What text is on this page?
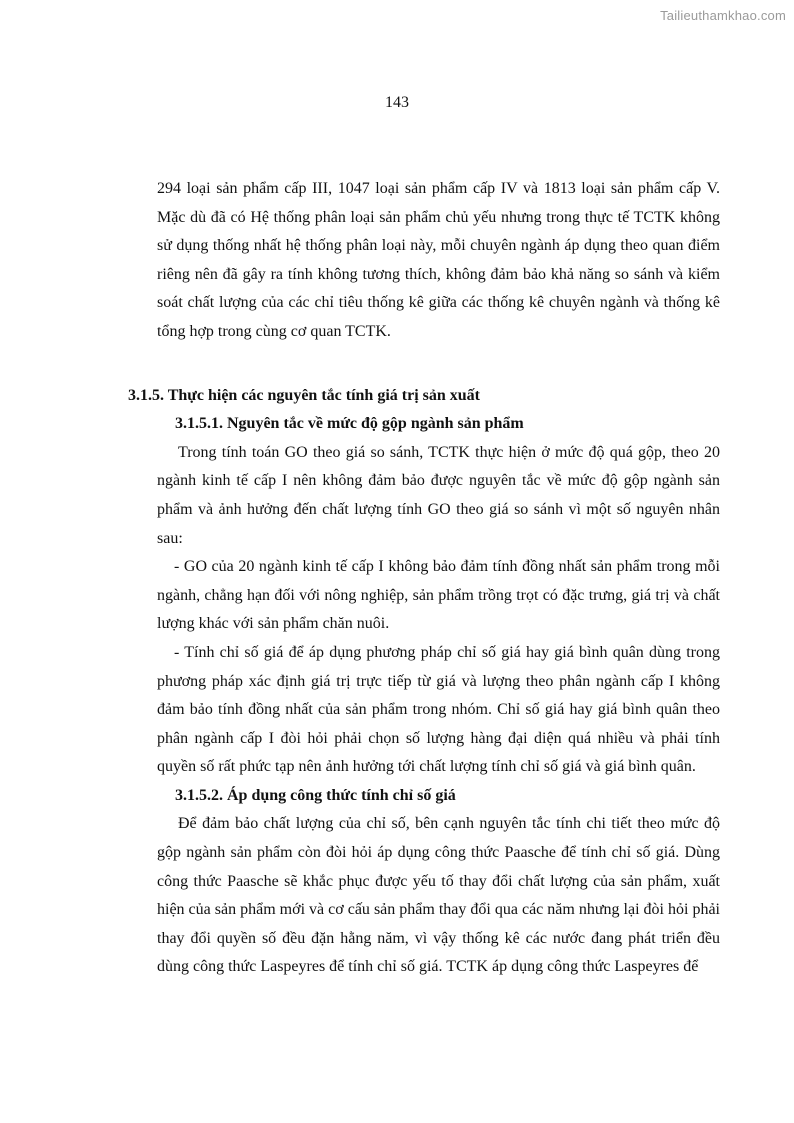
Tailieuthamkhao.com
143

294 loại sản phẩm cấp III, 1047 loại sản phẩm cấp IV và 1813 loại sản phẩm cấp V. Mặc dù đã có Hệ thống phân loại sản phẩm chủ yếu nhưng trong thực tế TCTK không sử dụng thống nhất hệ thống phân loại này, mỗi chuyên ngành áp dụng theo quan điểm riêng nên đã gây ra tính không tương thích, không đảm bảo khả năng so sánh và kiểm soát chất lượng của các chỉ tiêu thống kê giữa các thống kê chuyên ngành và thống kê tổng hợp trong cùng cơ quan TCTK.

3.1.5. Thực hiện các nguyên tắc tính giá trị sản xuất

3.1.5.1. Nguyên tắc về mức độ gộp ngành sản phẩm

Trong tính toán GO theo giá so sánh, TCTK thực hiện ở mức độ quá gộp, theo 20 ngành kinh tế cấp I nên không đảm bảo được nguyên tắc về mức độ gộp ngành sản phẩm và ảnh hưởng đến chất lượng tính GO theo giá so sánh vì một số nguyên nhân sau:

- GO của 20 ngành kinh tế cấp I không bảo đảm tính đồng nhất sản phẩm trong mỗi ngành, chẳng hạn đối với nông nghiệp, sản phẩm trồng trọt có đặc trưng, giá trị và chất lượng khác với sản phẩm chăn nuôi.

- Tính chỉ số giá để áp dụng phương pháp chỉ số giá hay giá bình quân dùng trong phương pháp xác định giá trị trực tiếp từ giá và lượng theo phân ngành cấp I không đảm bảo tính đồng nhất của sản phẩm trong nhóm. Chỉ số giá hay giá bình quân theo phân ngành cấp I đòi hỏi phải chọn số lượng hàng đại diện quá nhiều và phải tính quyền số rất phức tạp nên ảnh hưởng tới chất lượng tính chỉ số giá và giá bình quân.

3.1.5.2. Áp dụng công thức tính chỉ số giá

Để đảm bảo chất lượng của chỉ số, bên cạnh nguyên tắc tính chi tiết theo mức độ gộp ngành sản phẩm còn đòi hỏi áp dụng công thức Paasche để tính chỉ số giá. Dùng công thức Paasche sẽ khắc phục được yếu tố thay đổi chất lượng của sản phẩm, xuất hiện của sản phẩm mới và cơ cấu sản phẩm thay đổi qua các năm nhưng lại đòi hỏi phải thay đổi quyền số đều đặn hằng năm, vì vậy thống kê các nước đang phát triển đều dùng công thức Laspeyres để tính chỉ số giá. TCTK áp dụng công thức Laspeyres để
